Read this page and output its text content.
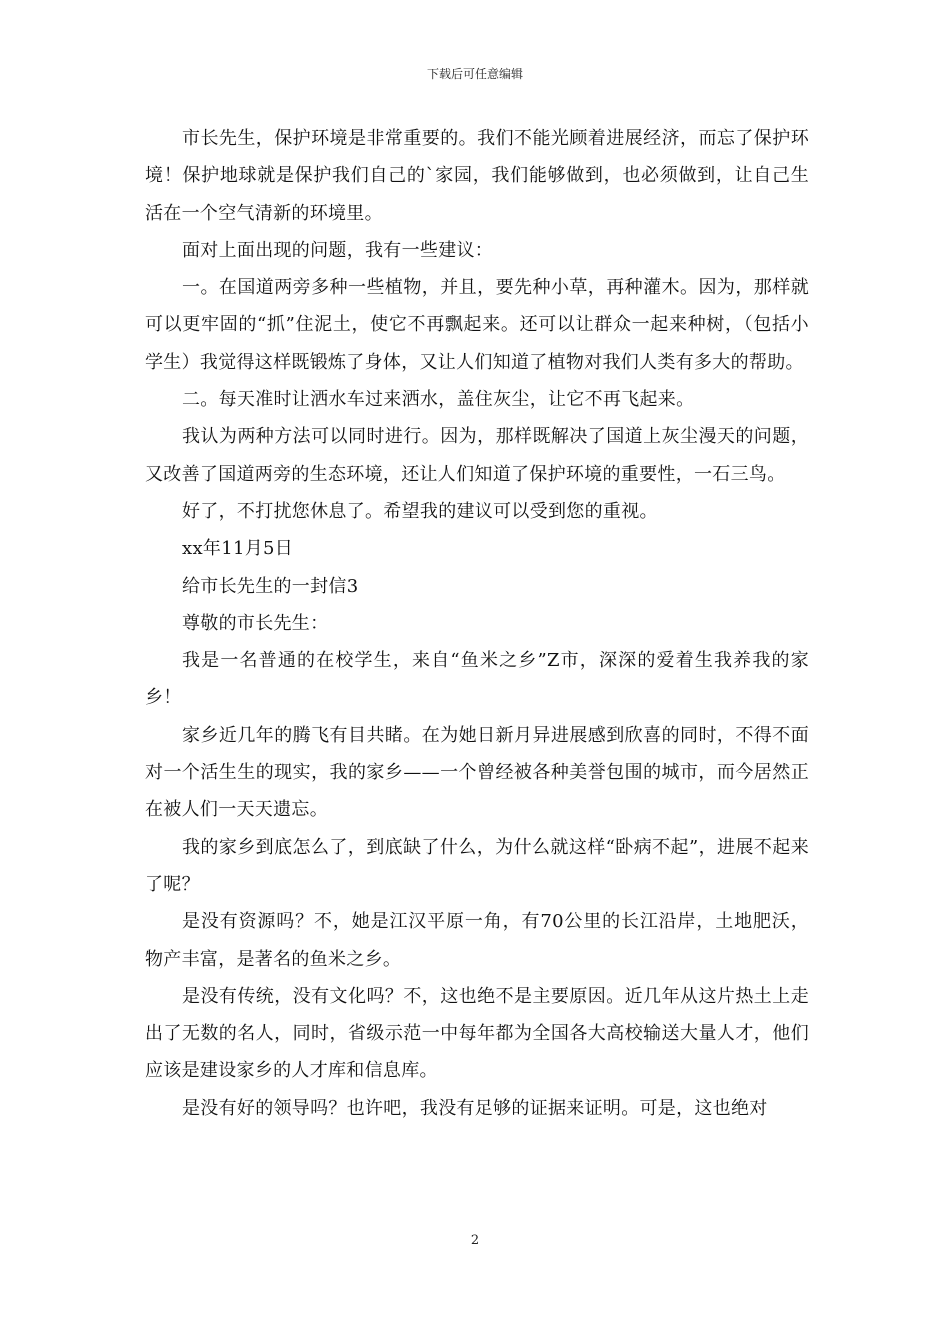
下载后可任意编辑

市长先生，保护环境是非常重要的。我们不能光顾着进展经济，而忘了保护环境！保护地球就是保护我们自己的`家园，我们能够做到，也必须做到，让自己生活在一个空气清新的环境里。

面对上面出现的问题，我有一些建议：

一。在国道两旁多种一些植物，并且，要先种小草，再种灌木。因为，那样就可以更牢固的“抓”住泥土，使它不再飘起来。还可以让群众一起来种树，（包括小学生）我觉得这样既锻炼了身体，又让人们知道了植物对我们人类有多大的帮助。

二。每天准时让洒水车过来洒水，盖住灰尘，让它不再飞起来。

我认为两种方法可以同时进行。因为，那样既解决了国道上灰尘漫天的问题，又改善了国道两旁的生态环境，还让人们知道了保护环境的重要性，一石三鸟。

好了，不打扰您休息了。希望我的建议可以受到您的重视。

xx年11月5日

给市长先生的一封信3

尊敬的市长先生：

我是一名普通的在校学生，来自“鱼米之乡”Z市，深深的爱着生我养我的家乡！

家乡近几年的腾飞有目共睹。在为她日新月异进展感到欣喜的同时，不得不面对一个活生生的现实，我的家乡——一个曾经被各种美誉包围的城市，而今居然正在被人们一天天遗忘。

我的家乡到底怎么了，到底缺了什么，为什么就这样“卧病不起”，进展不起来了呢？

是没有资源吗？不，她是江汉平原一角，有70公里的长江沿岸，土地肥沃，物产丰富，是著名的鱼米之乡。

是没有传统，没有文化吗？不，这也绝不是主要原因。近几年从这片热土上走出了无数的名人，同时，省级示范一中每年都为全国各大高校输送大量人才，他们应该是建设家乡的人才库和信息库。

是没有好的领导吗？也许吧，我没有足够的证据来证明。可是，这也绝对

2
